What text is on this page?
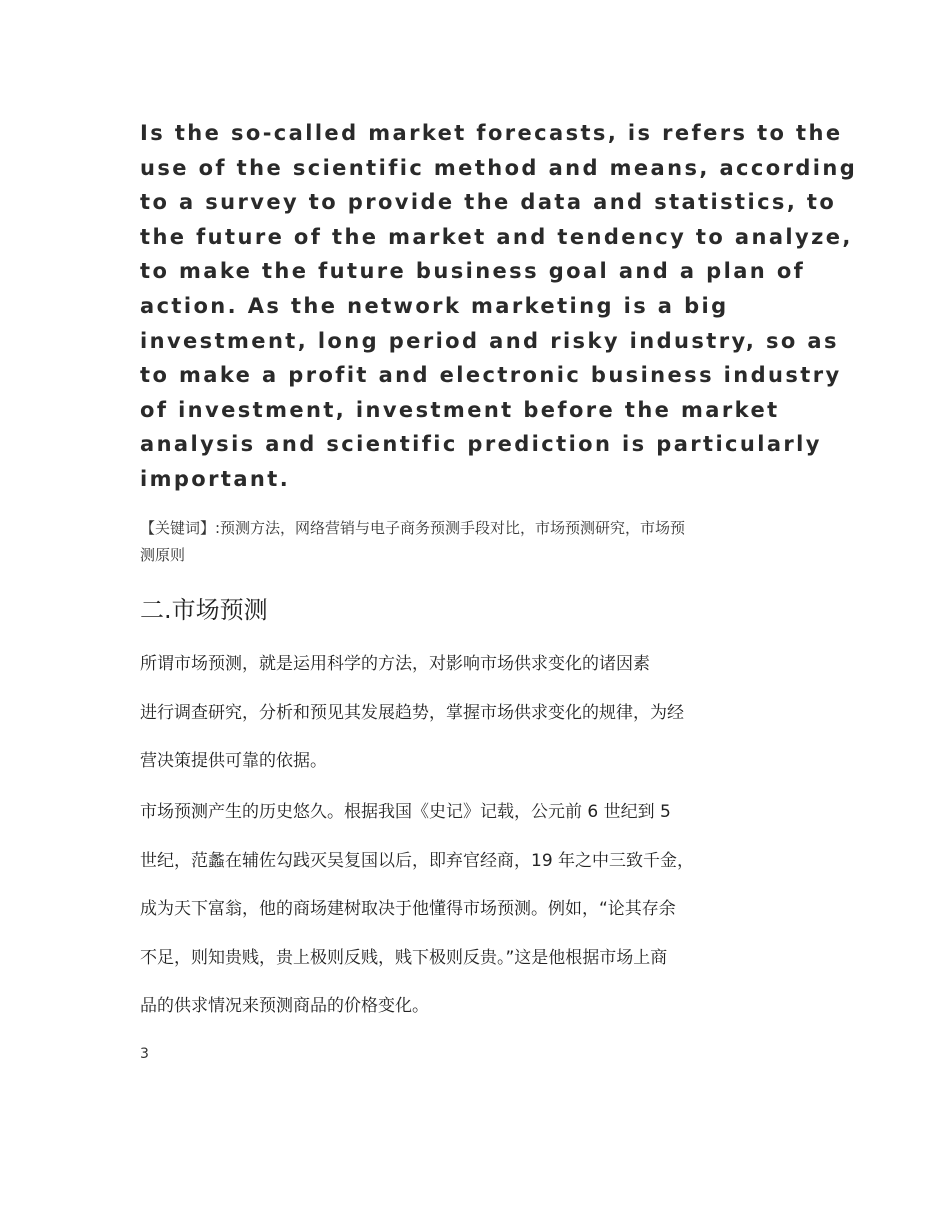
Is the so-called market forecasts, is refers to the
use of the scientific method and means, according
to a survey to provide the data and statistics, to
the future of the market and tendency to analyze,
to make the future business goal and a plan of
action. As the network marketing is a big
investment, long period and risky industry, so as
to make a profit and electronic business industry
of investment, investment before the market
analysis and scientific prediction is particularly
important.

【关键词】:预测方法，网络营销与电子商务预测手段对比，市场预测研究，市场预
测原则
二.市场预测
所谓市场预测，就是运用科学的方法，对影响市场供求变化的诸因素
进行调查研究，分析和预见其发展趋势，掌握市场供求变化的规律，为经
营决策提供可靠的依据。
市场预测产生的历史悠久。根据我国《史记》记载，公元前 6 世纪到 5
世纪，范蠡在辅佐勾践灭吴复国以后，即弃官经商，19 年之中三致千金，
成为天下富翁，他的商场建树取决于他懂得市场预测。例如，“论其存余
不足，则知贵贱，贵上极则反贱，贱下极则反贵。”这是他根据市场上商
品的供求情况来预测商品的价格变化。
3
